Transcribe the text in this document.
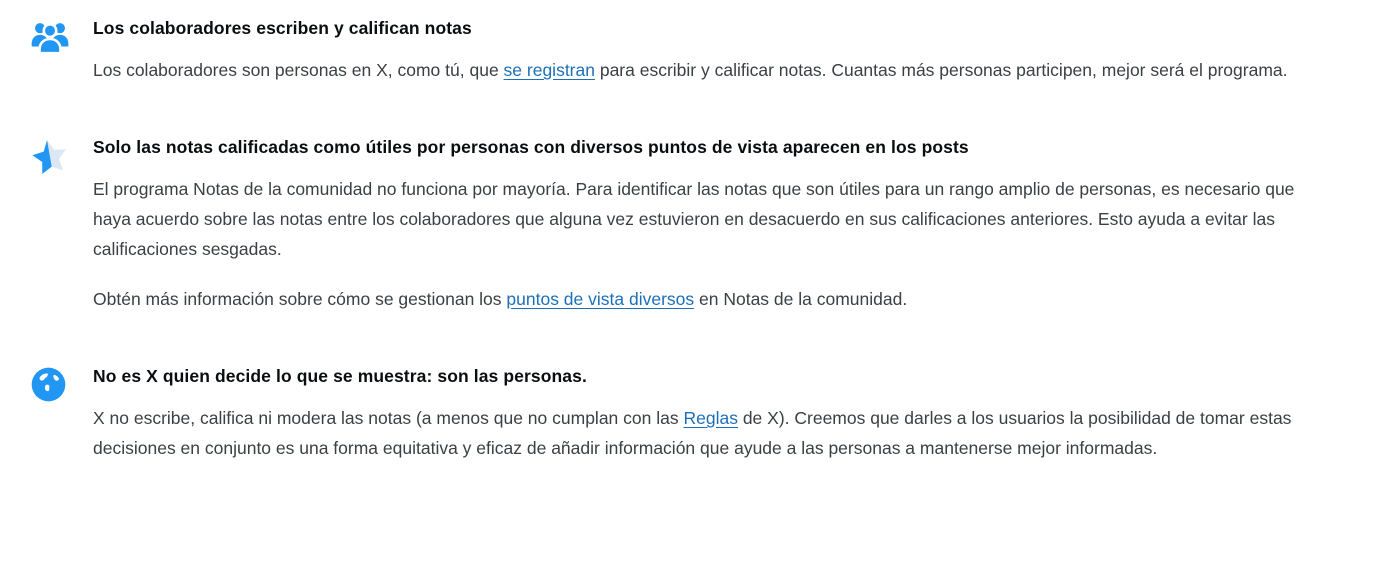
Los colaboradores escriben y califican notas

Los colaboradores son personas en X, como tú, que se registran para escribir y calificar notas. Cuantas más personas participen, mejor será el programa.

Solo las notas calificadas como útiles por personas con diversos puntos de vista aparecen en los posts

El programa Notas de la comunidad no funciona por mayoría. Para identificar las notas que son útiles para un rango amplio de personas, es necesario que haya acuerdo sobre las notas entre los colaboradores que alguna vez estuvieron en desacuerdo en sus calificaciones anteriores. Esto ayuda a evitar las calificaciones sesgadas.

Obtén más información sobre cómo se gestionan los puntos de vista diversos en Notas de la comunidad.

No es X quien decide lo que se muestra: son las personas.

X no escribe, califica ni modera las notas (a menos que no cumplan con las Reglas de X). Creemos que darles a los usuarios la posibilidad de tomar estas decisiones en conjunto es una forma equitativa y eficaz de añadir información que ayude a las personas a mantenerse mejor informadas.
